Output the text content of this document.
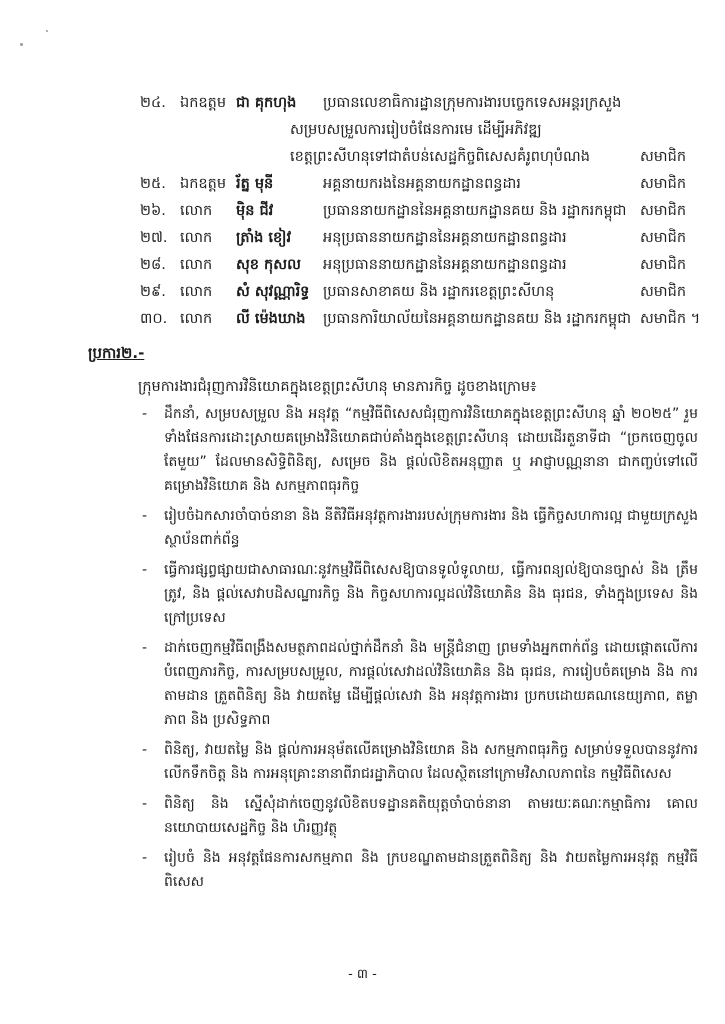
២៤. ឯកឧត្តម ជា គុកហុង ប្រធានលេខាធិការដ្ឋានក្រុមការងារបច្ចេកទេសអន្តរក្រសួង
សម្របសម្រួលការរៀបចំផែនការមេ ដើម្បីអភិវឌ្ឍ
ខេត្តព្រះសីហនុទៅជាតំបន់សេដ្ឋកិច្ចពិសេសគំរូពហុបំណង	សមាជិក
២៥. ឯកឧត្តម រ័ត្ន មុនី	អគ្គនាយករងនៃអគ្គនាយកដ្ឋានពន្ធដារ	សមាជិក
២៦. លោក ម៉ិន ជីវ	ប្រធាននាយកដ្ឋាននៃអគ្គនាយកដ្ឋានគយ និង រដ្ឋាករកម្ពុជា សមាជិក
២៧. លោក ត្រាំង ខៀវ អនុប្រធាននាយកដ្ឋាននៃអគ្គនាយកដ្ឋានពន្ធដារ	សមាជិក
២៨. លោក សុខ កុសល អនុប្រធាននាយកដ្ឋាននៃអគ្គនាយកដ្ឋានពន្ធដារ	សមាជិក
២៩. លោក សំ សុវណ្ណារិទ្ធ ប្រធានសាខាគយ និង រដ្ឋាករខេត្តព្រះសីហនុ	សមាជិក
៣០. លោក លី ម៉េងឃាង ប្រធានការិយាល័យនៃអគ្គនាយកដ្ឋានគយ និង រដ្ឋាករកម្ពុជា សមាជិក ។
ប្រការ២.-
ក្រុមការងារជំរុញការវិនិយោគក្នុងខេត្តព្រះសីហនុ មានភារកិច្ច ដូចខាងក្រោម៖
- ដឹកនាំ, សម្របសម្រួល និង អនុវត្ត “កម្មវិធីពិសេសជំរុញការវិនិយោគក្នុងខេត្តព្រះសីហនុ ឆ្នាំ ២០២៥” រួមទាំងផែនការដោះស្រាយគម្រោងវិនិយោគជាប់គាំងក្នុងខេត្តព្រះសីហនុ ដោយដើរតួនាទីជា “ច្រកចេញចូលតែមួយ” ដែលមានសិទ្ធិពិនិត្យ, សម្រេច និង ផ្តល់លិខិតអនុញ្ញាត ឬ អាជ្ញាបណ្ណនានា ជាកញ្ចប់ទៅលើគម្រោងវិនិយោគ និង សកម្មភាពធុរកិច្ច
- រៀបចំឯកសារចាំបាច់នានា និង នីតិវិធីអនុវត្តការងាររបស់ក្រុមការងារ និង ធ្វើកិច្ចសហការល្អ ជាមួយក្រសួងស្ថាប័នពាក់ព័ន្ធ
- ធ្វើការផ្សព្វផ្សាយជាសាធារណៈនូវកម្មវិធីពិសេសឱ្យបានទូលំទូលាយ, ធ្វើការពន្យល់ឱ្យបានច្បាស់ និង ត្រឹមត្រូវ, និង ផ្តល់សេវាបដិសណ្ឋារកិច្ច និង កិច្ចសហការល្អដល់វិនិយោគិន និង ធុរជន, ទាំងក្នុងប្រទេស និង ក្រៅប្រទេស
- ដាក់ចេញកម្មវិធីពង្រឹងសមត្ថភាពដល់ថ្នាក់ដឹកនាំ និង មន្ត្រីជំនាញ ព្រមទាំងអ្នកពាក់ព័ន្ធ ដោយផ្តោតលើការបំពេញភារកិច្ច, ការសម្របសម្រួល, ការផ្តល់សេវាដល់វិនិយោគិន និង ធុរជន, ការរៀបចំគម្រោង និង ការតាមដាន ត្រួតពិនិត្យ និង វាយតម្លៃ ដើម្បីផ្តល់សេវា និង អនុវត្តការងារ ប្រកបដោយគណនេយ្យភាព, តម្លាភាព និង ប្រសិទ្ធភាព
- ពិនិត្យ, វាយតម្លៃ និង ផ្តល់ការអនុម័តលើគម្រោងវិនិយោគ និង សកម្មភាពធុរកិច្ច សម្រាប់ទទួលបាននូវការលើកទឹកចិត្ត និង ការអនុគ្រោះនានាពីរាជរដ្ឋាភិបាល ដែលស្ថិតនៅក្រោមវិសាលភាពនៃ កម្មវិធីពិសេស
- ពិនិត្យ និង ស្នើសុំដាក់ចេញនូវលិខិតបទដ្ឋានគតិយុត្តចាំបាច់នានា តាមរយៈគណៈកម្មាធិការ គោលនយោបាយសេដ្ឋកិច្ច និង ហិរញ្ញវត្ថុ
- រៀបចំ និង អនុវត្តផែនការសកម្មភាព និង ក្របខណ្ឌតាមដានត្រួតពិនិត្យ និង វាយតម្លៃការអនុវត្ត កម្មវិធីពិសេស
- ៣ -
